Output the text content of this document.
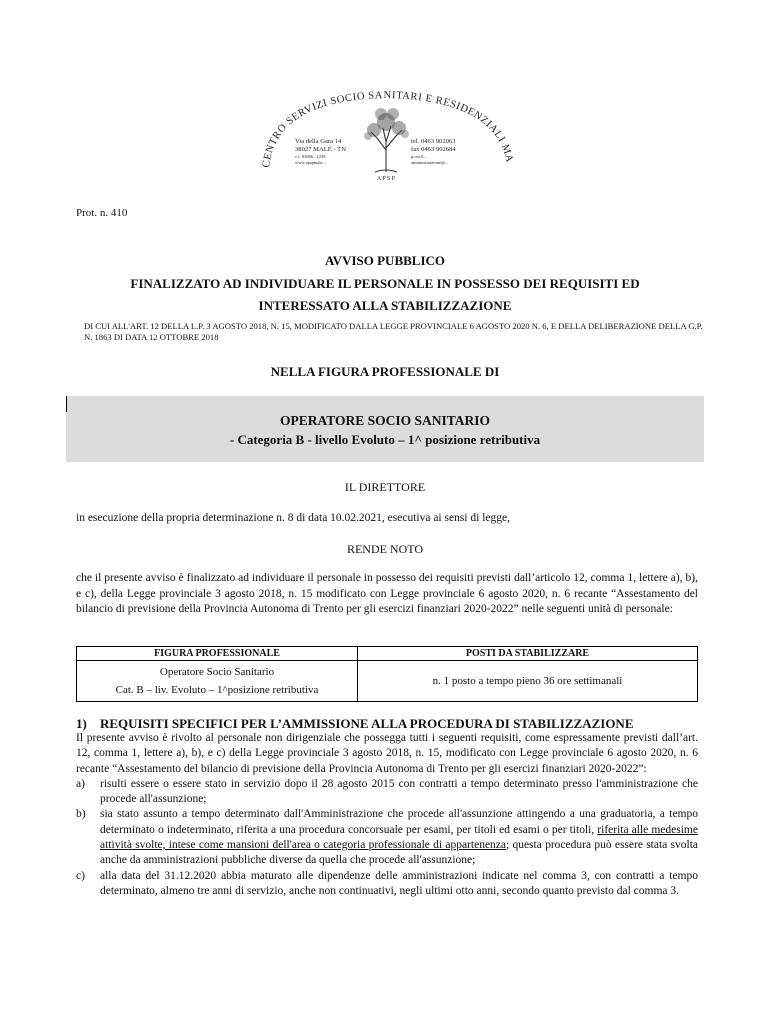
CENTRO SERVIZI SOCIO SANITARI E RESIDENZIALI MA
Via della Gara 14
38027 MALÈ - TN
c.f. 83006...1239
www.apspmale...
tel. 0463 902063
fax 0463 902684
p.iva 0...
amministrazione@...
A P S P
Prot. n. 410
AVVISO PUBBLICO
FINALIZZATO AD INDIVIDUARE IL PERSONALE IN POSSESSO DEI REQUISITI ED
INTERESSATO ALLA STABILIZZAZIONE
DI CUI ALL'ART. 12 DELLA L.P. 3 AGOSTO 2018, N. 15, MODIFICATO DALLA LEGGE PROVINCIALE 6 AGOSTO 2020 N. 6, E DELLA DELIBERAZIONE DELLA G.P. N. 1863 DI DATA 12 OTTOBRE 2018
NELLA FIGURA PROFESSIONALE DI
OPERATORE SOCIO SANITARIO
- Categoria B - livello Evoluto – 1^ posizione retributiva
IL DIRETTORE
in esecuzione della propria determinazione n. 8 di data 10.02.2021, esecutiva ai sensi di legge,
RENDE NOTO
che il presente avviso è finalizzato ad individuare il personale in possesso dei requisiti previsti dall’articolo 12, comma 1, lettere a), b), e c), della Legge provinciale 3 agosto 2018, n. 15 modificato con Legge provinciale 6 agosto 2020, n. 6 recante “Assestamento del bilancio di previsione della Provincia Autonoma di Trento per gli esercizi finanziari 2020-2022” nelle seguenti unità di personale:
FIGURA PROFESSIONALE	POSTI DA STABILIZZARE

Operatore Socio Sanitario
Cat. B – liv. Evoluto – 1^posizione retributiva	n. 1 posto a tempo pieno 36 ore settimanali
1) REQUISITI SPECIFICI PER L’AMMISSIONE ALLA PROCEDURA DI STABILIZZAZIONE
Il presente avviso è rivolto al personale non dirigenziale che possegga tutti i seguenti requisiti, come espressamente previsti dall’art. 12, comma 1, lettere a), b), e c) della Legge provinciale 3 agosto 2018, n. 15, modificato con Legge provinciale 6 agosto 2020, n. 6 recante “Assestamento del bilancio di previsione della Provincia Autonoma di Trento per gli esercizi finanziari 2020-2022”:
a) risulti essere o essere stato in servizio dopo il 28 agosto 2015 con contratti a tempo determinato presso l'amministrazione che procede all'assunzione;
b) sia stato assunto a tempo determinato dall'Amministrazione che procede all'assunzione attingendo a una graduatoria, a tempo determinato o indeterminato, riferita a una procedura concorsuale per esami, per titoli ed esami o per titoli, riferita alle medesime attività svolte, intese come mansioni dell'area o categoria professionale di appartenenza; questa procedura può essere stata svolta anche da amministrazioni pubbliche diverse da quella che procede all'assunzione;
c) alla data del 31.12.2020 abbia maturato alle dipendenze delle amministrazioni indicate nel comma 3, con contratti a tempo determinato, almeno tre anni di servizio, anche non continuativi, negli ultimi otto anni, secondo quanto previsto dal comma 3.
